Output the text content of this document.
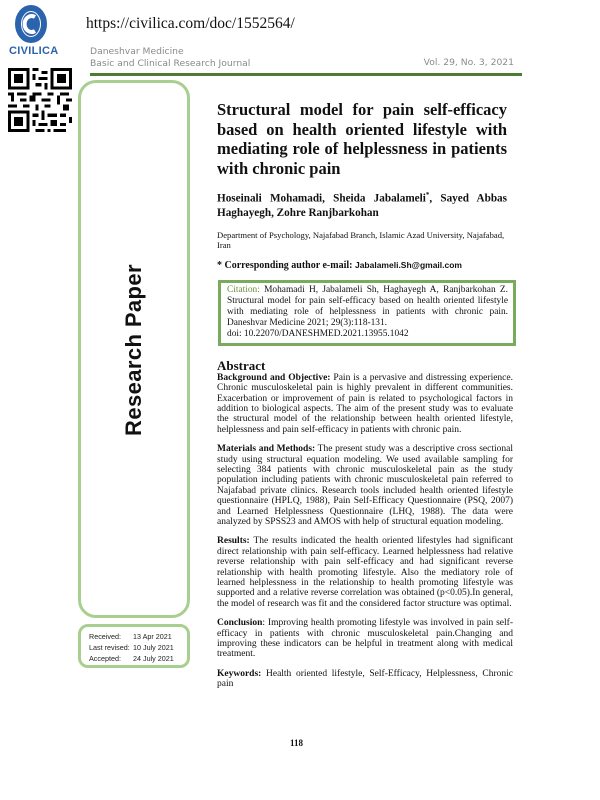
CIVILICA
https://civilica.com/doc/1552564/
Daneshvar Medicine
Basic and Clinical Research Journal	Vol. 29, No. 3, 2021
Research Paper
Received:	13 Apr 2021
Last revised: 10 July 2021
Accepted:	24 July 2021
Structural model for pain self-efficacy based on health oriented lifestyle with mediating role of helplessness in patients with chronic pain
Hoseinali Mohamadi, Sheida Jabalameli*, Sayed Abbas Haghayegh, Zohre Ranjbarkohan
Department of Psychology, Najafabad Branch, Islamic Azad University, Najafabad, Iran
* Corresponding author e-mail: Jabalameli.Sh@gmail.com
Citation: Mohamadi H, Jabalameli Sh, Haghayegh A, Ranjbarkohan Z. Structural model for pain self-efficacy based on health oriented lifestyle with mediating role of helplessness in patients with chronic pain. Daneshvar Medicine 2021; 29(3):118-131.
doi: 10.22070/DANESHMED.2021.13955.1042
Abstract

Background and Objective: Pain is a pervasive and distressing experience. Chronic musculoskeletal pain is highly prevalent in different communities. Exacerbation or improvement of pain is related to psychological factors in addition to biological aspects. The aim of the present study was to evaluate the structural model of the relationship between health oriented lifestyle, helplessness and pain self-efficacy in patients with chronic pain.

Materials and Methods: The present study was a descriptive cross sectional study using structural equation modeling. We used available sampling for selecting 384 patients with chronic musculoskeletal pain as the study population including patients with chronic musculoskeletal pain referred to Najafabad private clinics. Research tools included health oriented lifestyle questionnaire (HPLQ, 1988), Pain Self-Efficacy Questionnaire (PSQ, 2007) and Learned Helplessness Questionnaire (LHQ, 1988). The data were analyzed by SPSS23 and AMOS with help of structural equation modeling.

Results: The results indicated the health oriented lifestyles had significant direct relationship with pain self-efficacy. Learned helplessness had relative reverse relationship with pain self-efficacy and had significant reverse relationship with health promoting lifestyle. Also the mediatory role of learned helplessness in the relationship to health promoting lifestyle was supported and a relative reverse correlation was obtained (p<0.05).In general, the model of research was fit and the considered factor structure was optimal.

Conclusion: Improving health promoting lifestyle was involved in pain self-efficacy in patients with chronic musculoskeletal pain.Changing and improving these indicators can be helpful in treatment along with medical treatment.

Keywords: Health oriented lifestyle, Self-Efficacy, Helplessness, Chronic pain

118
